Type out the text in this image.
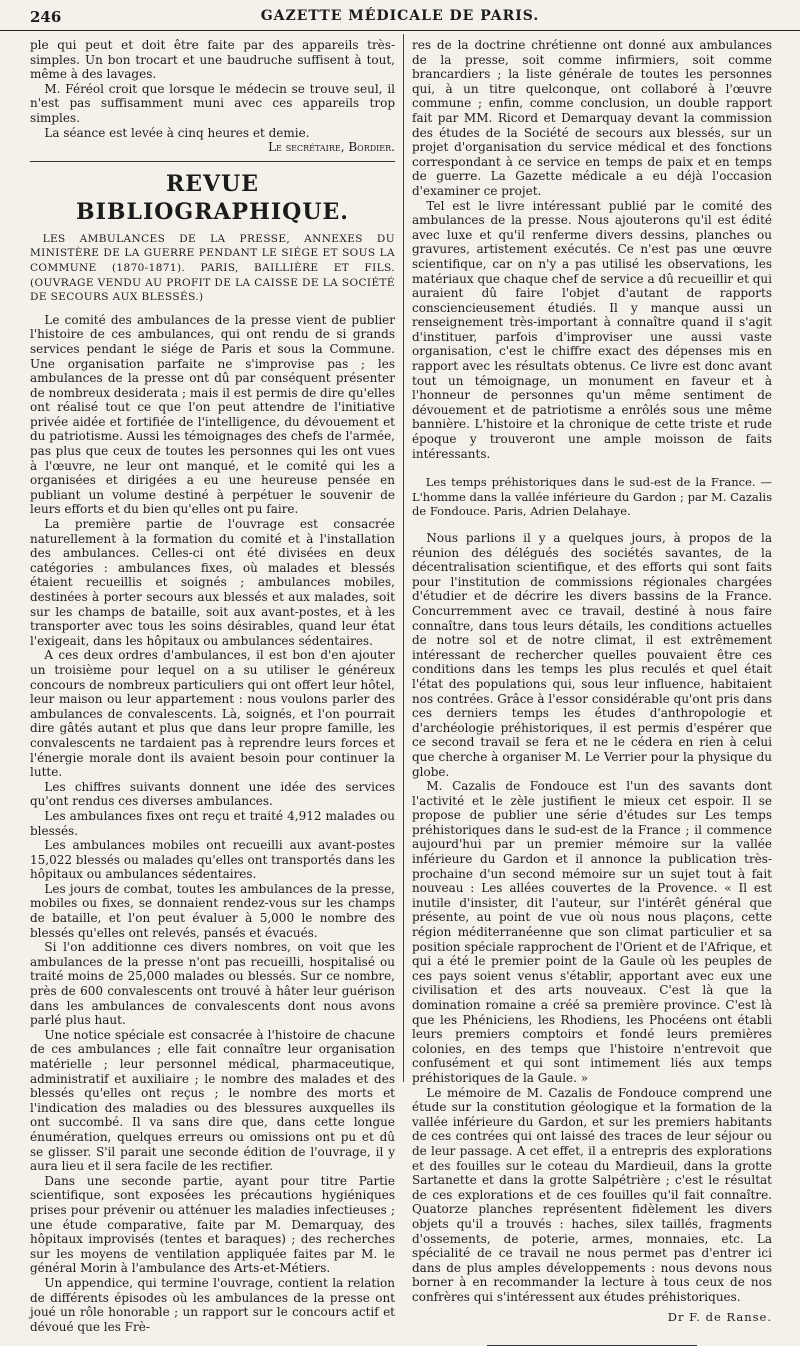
246	GAZETTE MÉDICALE DE PARIS.

ple qui peut et doit être faite par des appareils très-simples. Un bon trocart et une baudruche suffisent à tout, même à des lavages.

M. Féréol croit que lorsque le médecin se trouve seul, il n'est pas suffisamment muni avec ces appareils trop simples.

La séance est levée à cinq heures et demie.

Le secrétaire, Bordier.

REVUE BIBLIOGRAPHIQUE.

LES AMBULANCES DE LA PRESSE, ANNEXES DU MINISTÈRE DE LA GUERRE PENDANT LE SIÉGE ET SOUS LA COMMUNE (1870-1871). PARIS, BAILLIÈRE ET FILS. (OUVRAGE VENDU AU PROFIT DE LA CAISSE DE LA SOCIÉTÉ DE SECOURS AUX BLESSÉS.)

Le comité des ambulances de la presse vient de publier l'histoire de ces ambulances, qui ont rendu de si grands services pendant le siége de Paris et sous la Commune. Une organisation parfaite ne s'improvise pas ; les ambulances de la presse ont dû par conséquent présenter de nombreux desiderata ; mais il est permis de dire qu'elles ont réalisé tout ce que l'on peut attendre de l'initiative privée aidée et fortifiée de l'intelligence, du dévouement et du patriotisme. Aussi les témoignages des chefs de l'armée, pas plus que ceux de toutes les personnes qui les ont vues à l'œuvre, ne leur ont manqué, et le comité qui les a organisées et dirigées a eu une heureuse pensée en publiant un volume destiné à perpétuer le souvenir de leurs efforts et du bien qu'elles ont pu faire.

La première partie de l'ouvrage est consacrée naturellement à la formation du comité et à l'installation des ambulances. Celles-ci ont été divisées en deux catégories : ambulances fixes, où malades et blessés étaient recueillis et soignés ; ambulances mobiles, destinées à porter secours aux blessés et aux malades, soit sur les champs de bataille, soit aux avant-postes, et à les transporter avec tous les soins désirables, quand leur état l'exigeait, dans les hôpitaux ou ambulances sédentaires.

A ces deux ordres d'ambulances, il est bon d'en ajouter un troisième pour lequel on a su utiliser le généreux concours de nombreux particuliers qui ont offert leur hôtel, leur maison ou leur appartement : nous voulons parler des ambulances de convalescents. Là, soignés, et l'on pourrait dire gâtés autant et plus que dans leur propre famille, les convalescents ne tardaient pas à reprendre leurs forces et l'énergie morale dont ils avaient besoin pour continuer la lutte.

Les chiffres suivants donnent une idée des services qu'ont rendus ces diverses ambulances.

Les ambulances fixes ont reçu et traité 4,912 malades ou blessés.

Les ambulances mobiles ont recueilli aux avant-postes 15,022 blessés ou malades qu'elles ont transportés dans les hôpitaux ou ambulances sédentaires.

Les jours de combat, toutes les ambulances de la presse, mobiles ou fixes, se donnaient rendez-vous sur les champs de bataille, et l'on peut évaluer à 5,000 le nombre des blessés qu'elles ont relevés, pansés et évacués.

Si l'on additionne ces divers nombres, on voit que les ambulances de la presse n'ont pas recueilli, hospitalisé ou traité moins de 25,000 malades ou blessés. Sur ce nombre, près de 600 convalescents ont trouvé à hâter leur guérison dans les ambulances de convalescents dont nous avons parlé plus haut.

Une notice spéciale est consacrée à l'histoire de chacune de ces ambulances ; elle fait connaître leur organisation matérielle ; leur personnel médical, pharmaceutique, administratif et auxiliaire ; le nombre des malades et des blessés qu'elles ont reçus ; le nombre des morts et l'indication des maladies ou des blessures auxquelles ils ont succombé. Il va sans dire que, dans cette longue énumération, quelques erreurs ou omissions ont pu et dû se glisser. S'il parait une seconde édition de l'ouvrage, il y aura lieu et il sera facile de les rectifier.

Dans une seconde partie, ayant pour titre Partie scientifique, sont exposées les précautions hygiéniques prises pour prévenir ou atténuer les maladies infectieuses ; une étude comparative, faite par M. Demarquay, des hôpitaux improvisés (tentes et baraques) ; des recherches sur les moyens de ventilation appliquée faites par M. le général Morin à l'ambulance des Arts-et-Métiers.

Un appendice, qui termine l'ouvrage, contient la relation de différents épisodes où les ambulances de la presse ont joué un rôle honorable ; un rapport sur le concours actif et dévoué que les Frè-

res de la doctrine chrétienne ont donné aux ambulances de la presse, soit comme infirmiers, soit comme brancardiers ; la liste générale de toutes les personnes qui, à un titre quelconque, ont collaboré à l'œuvre commune ; enfin, comme conclusion, un double rapport fait par MM. Ricord et Demarquay devant la commission des études de la Société de secours aux blessés, sur un projet d'organisation du service médical et des fonctions correspondant à ce service en temps de paix et en temps de guerre. La Gazette médicale a eu déjà l'occasion d'examiner ce projet.

Tel est le livre intéressant publié par le comité des ambulances de la presse. Nous ajouterons qu'il est édité avec luxe et qu'il renferme divers dessins, planches ou gravures, artistement exécutés. Ce n'est pas une œuvre scientifique, car on n'y a pas utilisé les observations, les matériaux que chaque chef de service a dû recueillir et qui auraient dû faire l'objet d'autant de rapports consciencieusement étudiés. Il y manque aussi un renseignement très-important à connaître quand il s'agit d'instituer, parfois d'improviser une aussi vaste organisation, c'est le chiffre exact des dépenses mis en rapport avec les résultats obtenus. Ce livre est donc avant tout un témoignage, un monument en faveur et à l'honneur de personnes qu'un même sentiment de dévouement et de patriotisme a enrôlés sous une même bannière. L'histoire et la chronique de cette triste et rude époque y trouveront une ample moisson de faits intéressants.

Les temps préhistoriques dans le sud-est de la France. — L'homme dans la vallée inférieure du Gardon ; par M. Cazalis de Fondouce. Paris, Adrien Delahaye.

Nous parlions il y a quelques jours, à propos de la réunion des délégués des sociétés savantes, de la décentralisation scientifique, et des efforts qui sont faits pour l'institution de commissions régionales chargées d'étudier et de décrire les divers bassins de la France. Concurremment avec ce travail, destiné à nous faire connaître, dans tous leurs détails, les conditions actuelles de notre sol et de notre climat, il est extrêmement intéressant de rechercher quelles pouvaient être ces conditions dans les temps les plus reculés et quel était l'état des populations qui, sous leur influence, habitaient nos contrées. Grâce à l'essor considérable qu'ont pris dans ces derniers temps les études d'anthropologie et d'archéologie préhistoriques, il est permis d'espérer que ce second travail se fera et ne le cédera en rien à celui que cherche à organiser M. Le Verrier pour la physique du globe.

M. Cazalis de Fondouce est l'un des savants dont l'activité et le zèle justifient le mieux cet espoir. Il se propose de publier une série d'études sur Les temps préhistoriques dans le sud-est de la France ; il commence aujourd'hui par un premier mémoire sur la vallée inférieure du Gardon et il annonce la publication très-prochaine d'un second mémoire sur un sujet tout à fait nouveau : Les allées couvertes de la Provence. « Il est inutile d'insister, dit l'auteur, sur l'intérêt général que présente, au point de vue où nous nous plaçons, cette région méditerranéenne que son climat particulier et sa position spéciale rapprochent de l'Orient et de l'Afrique, et qui a été le premier point de la Gaule où les peuples de ces pays soient venus s'établir, apportant avec eux une civilisation et des arts nouveaux. C'est là que la domination romaine a créé sa première province. C'est là que les Phéniciens, les Rhodiens, les Phocéens ont établi leurs premiers comptoirs et fondé leurs premières colonies, en des temps que l'histoire n'entrevoit que confusément et qui sont intimement liés aux temps préhistoriques de la Gaule. »

Le mémoire de M. Cazalis de Fondouce comprend une étude sur la constitution géologique et la formation de la vallée inférieure du Gardon, et sur les premiers habitants de ces contrées qui ont laissé des traces de leur séjour ou de leur passage. A cet effet, il a entrepris des explorations et des fouilles sur le coteau du Mardieuil, dans la grotte Sartanette et dans la grotte Salpétrière ; c'est le résultat de ces explorations et de ces fouilles qu'il fait connaître. Quatorze planches représentent fidèlement les divers objets qu'il a trouvés : haches, silex taillés, fragments d'ossements, de poterie, armes, monnaies, etc. La spécialité de ce travail ne nous permet pas d'entrer ici dans de plus amples développements : nous devons nous borner à en recommander la lecture à tous ceux de nos confrères qui s'intéressent aux études préhistoriques.

Dr F. de Ranse.
